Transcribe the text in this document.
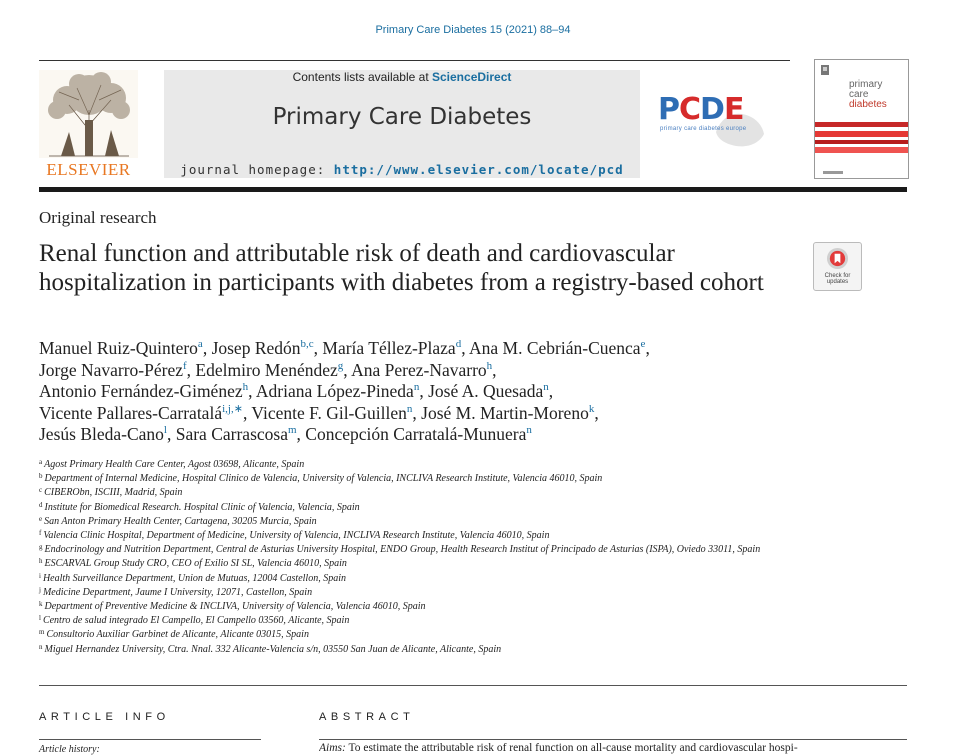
Primary Care Diabetes 15 (2021) 88–94
ELSEVIER
Contents lists available at ScienceDirect
Primary Care Diabetes
journal homepage: http://www.elsevier.com/locate/pcd
PCDE
primary care diabetes europe
primary
care
diabetes
Original research
Renal function and attributable risk of death and cardiovascular hospitalization in participants with diabetes from a registry-based cohort	Check for
updates
Manuel Ruiz-Quintero$^a$, Josep Redón$^{b,c}$, María Téllez-Plaza$^d$, Ana M. Cebrián-Cuenca$^e$,
Jorge Navarro-Pérez$^f$, Edelmiro Menéndez$^g$, Ana Perez-Navarro$^h$,
Antonio Fernández-Giménez$^h$, Adriana López-Pineda$^n$, José A. Quesada$^n$,
Vicente Pallares-Carratalá$^{i,j,∗}$, Vicente F. Gil-Guillen$^n$, José M. Martin-Moreno$^k$,
Jesús Bleda-Cano$^l$, Sara Carrascosa$^m$, Concepción Carratalá-Munuera$^n$
$^a$ Agost Primary Health Care Center, Agost 03698, Alicante, Spain
$^b$ Department of Internal Medicine, Hospital Clinico de Valencia, University of Valencia, INCLIVA Research Institute, Valencia 46010, Spain
$^c$ CIBERObn, ISCIII, Madrid, Spain
$^d$ Institute for Biomedical Research. Hospital Clinic of Valencia, Valencia, Spain
$^e$ San Anton Primary Health Center, Cartagena, 30205 Murcia, Spain
$^f$ Valencia Clinic Hospital, Department of Medicine, University of Valencia, INCLIVA Research Institute, Valencia 46010, Spain
$^g$ Endocrinology and Nutrition Department, Central de Asturias University Hospital, ENDO Group, Health Research Institut of Principado de Asturias (ISPA), Oviedo 33011, Spain
$^h$ ESCARVAL Group Study CRO, CEO of Exilio SI SL, Valencia 46010, Spain
$^i$ Health Surveillance Department, Union de Mutuas, 12004 Castellon, Spain
$^j$ Medicine Department, Jaume I University, 12071, Castellon, Spain
$^k$ Department of Preventive Medicine & INCLIVA, University of Valencia, Valencia 46010, Spain
$^l$ Centro de salud integrado El Campello, El Campello 03560, Alicante, Spain
$^m$ Consultorio Auxiliar Garbinet de Alicante, Alicante 03015, Spain
$^n$ Miguel Hernandez University, Ctra. Nnal. 332 Alicante-Valencia s/n, 03550 San Juan de Alicante, Alicante, Spain
ARTICLE INFO	ABSTRACT
Article history:	Aims: To estimate the attributable risk of renal function on all-cause mortality and cardiovascular hospi-
